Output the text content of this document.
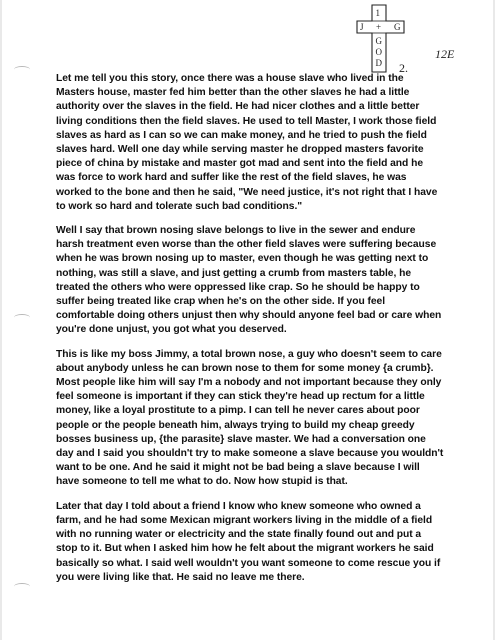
1
J + G
G
O
D 2.

12E

Let me tell you this story, once there was a house slave who lived in the Masters house, master fed him better than the other slaves he had a little authority over the slaves in the field. He had nicer clothes and a little better living conditions then the field slaves. He used to tell Master, I work those field slaves as hard as I can so we can make money, and he tried to push the field slaves hard. Well one day while serving master he dropped masters favorite piece of china by mistake and master got mad and sent into the field and he was force to work hard and suffer like the rest of the field slaves, he was worked to the bone and then he said, "We need justice, it's not right that I have to work so hard and tolerate such bad conditions."

Well I say that brown nosing slave belongs to live in the sewer and endure harsh treatment even worse than the other field slaves were suffering because when he was brown nosing up to master, even though he was getting next to nothing, was still a slave, and just getting a crumb from masters table, he treated the others who were oppressed like crap. So he should be happy to suffer being treated like crap when he's on the other side. If you feel comfortable doing others unjust then why should anyone feel bad or care when you're done unjust, you got what you deserved.

This is like my boss Jimmy, a total brown nose, a guy who doesn't seem to care about anybody unless he can brown nose to them for some money {a crumb}. Most people like him will say I'm a nobody and not important because they only feel someone is important if they can stick they're head up rectum for a little money, like a loyal prostitute to a pimp. I can tell he never cares about poor people or the people beneath him, always trying to build my cheap greedy bosses business up, {the parasite} slave master. We had a conversation one day and I said you shouldn't try to make someone a slave because you wouldn't want to be one. And he said it might not be bad being a slave because I will have someone to tell me what to do. Now how stupid is that.

Later that day I told about a friend I know who knew someone who owned a farm, and he had some Mexican migrant workers living in the middle of a field with no running water or electricity and the state finally found out and put a stop to it. But when I asked him how he felt about the migrant workers he said basically so what. I said well wouldn't you want someone to come rescue you if you were living like that. He said no leave me there.
